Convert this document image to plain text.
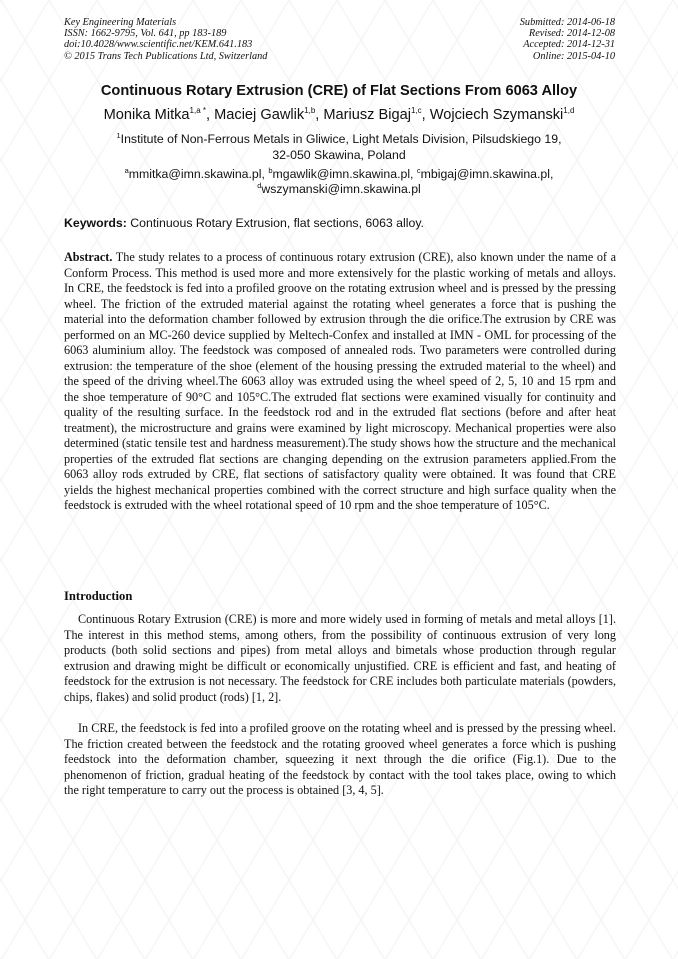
Key Engineering Materials
ISSN: 1662-9795, Vol. 641, pp 183-189
doi:10.4028/www.scientific.net/KEM.641.183
© 2015 Trans Tech Publications Ltd, Switzerland
Submitted: 2014-06-18
Revised: 2014-12-08
Accepted: 2014-12-31
Online: 2015-04-10
Continuous Rotary Extrusion (CRE) of Flat Sections From 6063 Alloy
Monika Mitka$^{1,a *}$, Maciej Gawlik$^{1,b}$, Mariusz Bigaj$^{1,c}$, Wojciech Szymanski$^{1,d}$
$^1$Institute of Non-Ferrous Metals in Gliwice, Light Metals Division, Pilsudskiego 19,
32-050 Skawina, Poland
$^a$mmitka@imn.skawina.pl, $^b$mgawlik@imn.skawina.pl, $^c$mbigaj@imn.skawina.pl,
$^d$wszymanski@imn.skawina.pl
Keywords: Continuous Rotary Extrusion, flat sections, 6063 alloy.
Abstract. The study relates to a process of continuous rotary extrusion (CRE), also known under the name of a Conform Process. This method is used more and more extensively for the plastic working of metals and alloys. In CRE, the feedstock is fed into a profiled groove on the rotating extrusion wheel and is pressed by the pressing wheel. The friction of the extruded material against the rotating wheel generates a force that is pushing the material into the deformation chamber followed by extrusion through the die orifice.The extrusion by CRE was performed on an MC-260 device supplied by Meltech-Confex and installed at IMN - OML for processing of the 6063 aluminium alloy. The feedstock was composed of annealed rods. Two parameters were controlled during extrusion: the temperature of the shoe (element of the housing pressing the extruded material to the wheel) and the speed of the driving wheel.The 6063 alloy was extruded using the wheel speed of 2, 5, 10 and 15 rpm and the shoe temperature of 90°C and 105°C.The extruded flat sections were examined visually for continuity and quality of the resulting surface. In the feedstock rod and in the extruded flat sections (before and after heat treatment), the microstructure and grains were examined by light microscopy. Mechanical properties were also determined (static tensile test and hardness measurement).The study shows how the structure and the mechanical properties of the extruded flat sections are changing depending on the extrusion parameters applied.From the 6063 alloy rods extruded by CRE, flat sections of satisfactory quality were obtained. It was found that CRE yields the highest mechanical properties combined with the correct structure and high surface quality when the feedstock is extruded with the wheel rotational speed of 10 rpm and the shoe temperature of 105°C.
Introduction
Continuous Rotary Extrusion (CRE) is more and more widely used in forming of metals and metal alloys [1]. The interest in this method stems, among others, from the possibility of continuous extrusion of very long products (both solid sections and pipes) from metal alloys and bimetals whose production through regular extrusion and drawing might be difficult or economically unjustified. CRE is efficient and fast, and heating of feedstock for the extrusion is not necessary. The feedstock for CRE includes both particulate materials (powders, chips, flakes) and solid product (rods) [1, 2].
In CRE, the feedstock is fed into a profiled groove on the rotating wheel and is pressed by the pressing wheel. The friction created between the feedstock and the rotating grooved wheel generates a force which is pushing feedstock into the deformation chamber, squeezing it next through the die orifice (Fig.1). Due to the phenomenon of friction, gradual heating of the feedstock by contact with the tool takes place, owing to which the right temperature to carry out the process is obtained [3, 4, 5].
